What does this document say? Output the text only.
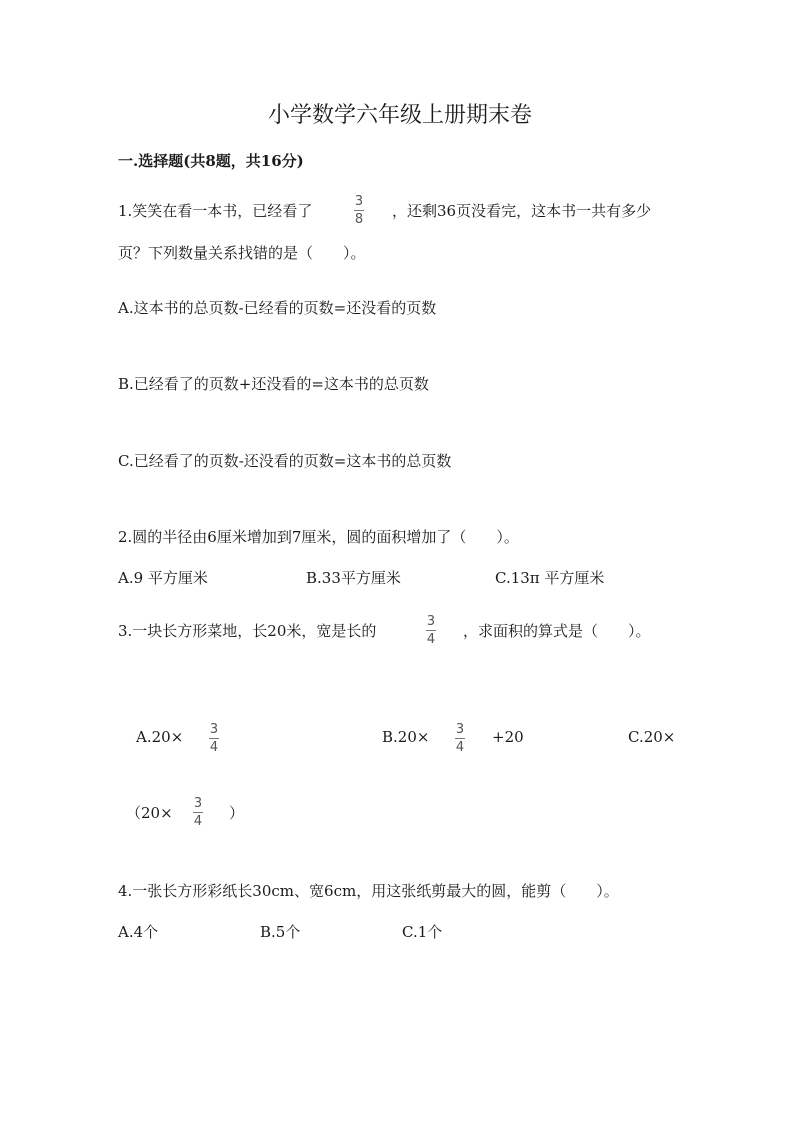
小学数学六年级上册期末卷
一.选择题(共8题，共16分)
1.笑笑在看一本书，已经看了
3
8 ，还剩36页没看完，这本书一共有多少
页？下列数量关系找错的是（　　）。
A.这本书的总页数-已经看的页数=还没看的页数
B.已经看了的页数+还没看的=这本书的总页数
C.已经看了的页数-还没看的页数=这本书的总页数
2.圆的半径由6厘米增加到7厘米，圆的面积增加了（　　）。
A.9 平方厘米	B.33平方厘米	C.13π 平方厘米
3.一块长方形菜地，长20米，宽是长的
3
4 ，求面积的算式是（　　）。
A.20× 3
4
B.20× 3
4
+20	C.20×
（20×
3
4 ）
4.一张长方形彩纸长30cm、宽6cm，用这张纸剪最大的圆，能剪（　　）。
A.4个	B.5个	C.1个
